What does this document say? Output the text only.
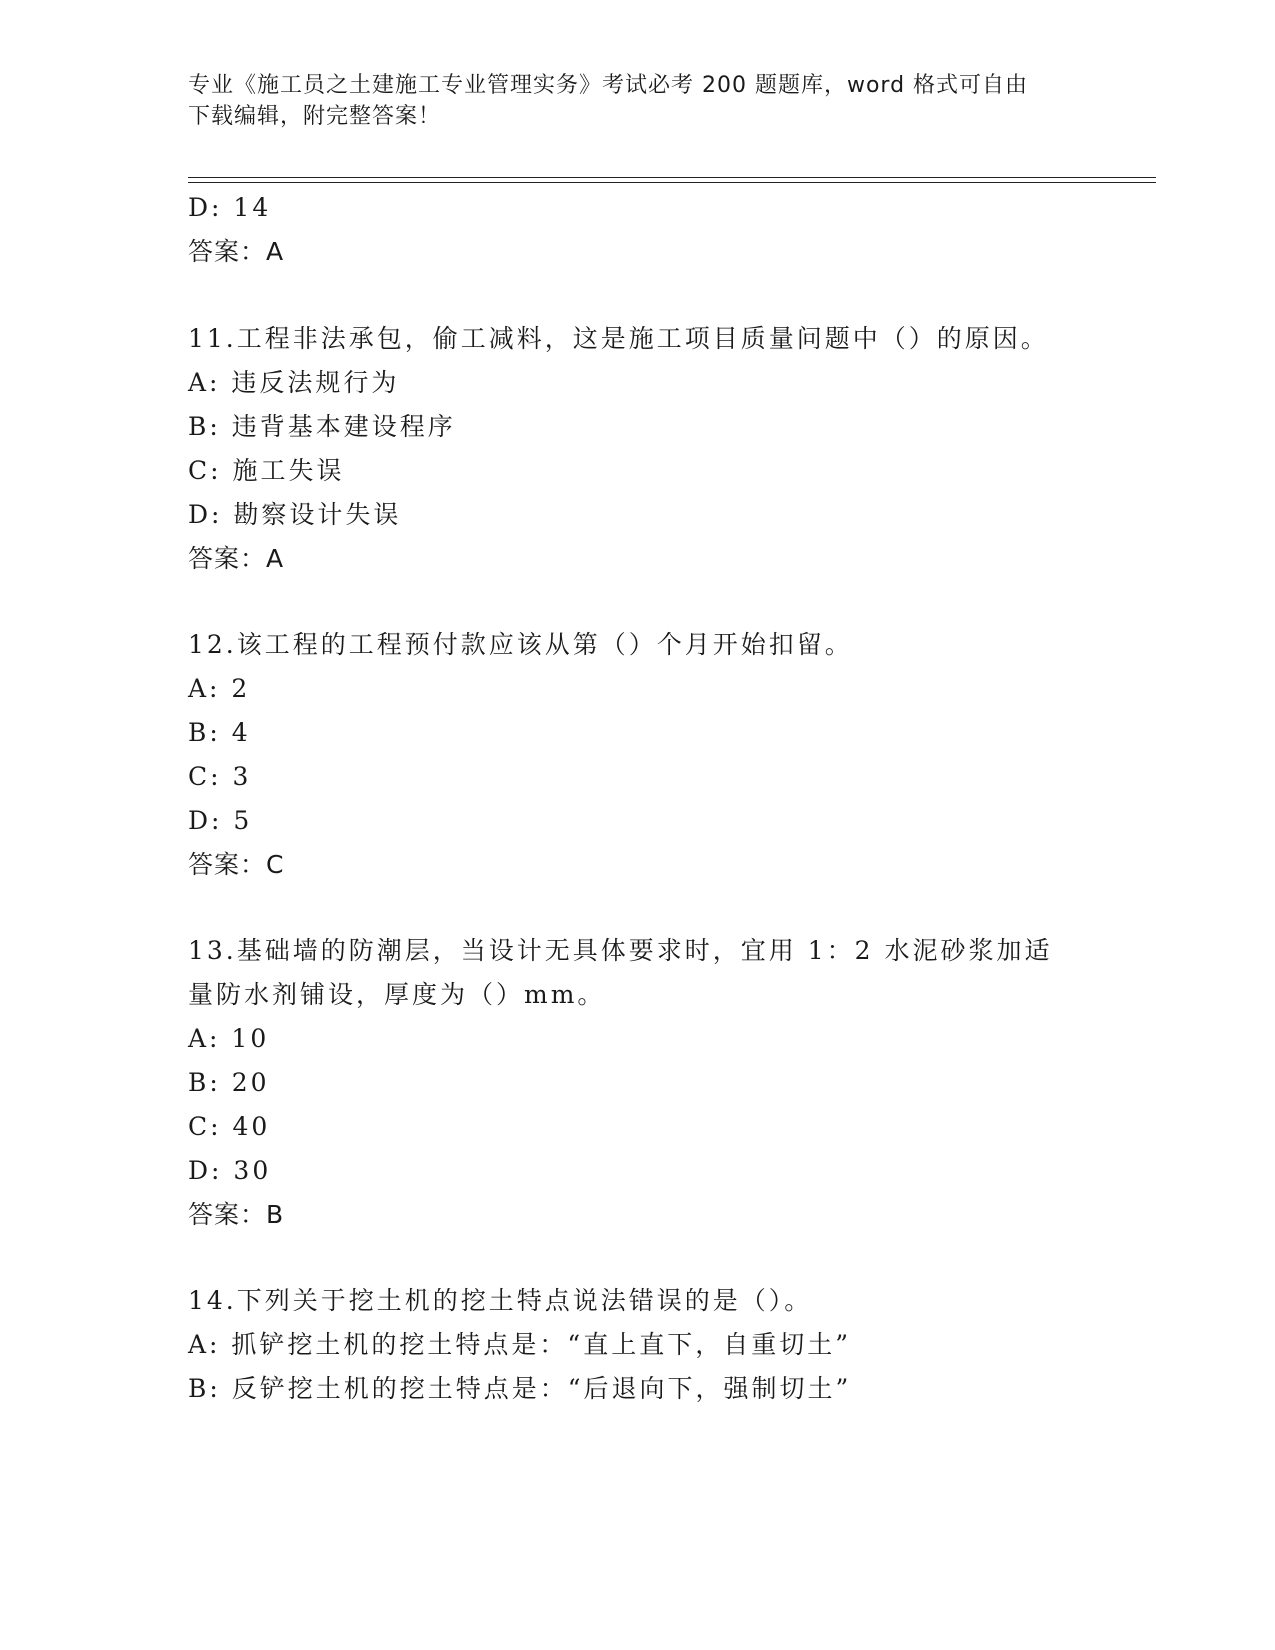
专业《施工员之土建施工专业管理实务》考试必考 200 题题库，word 格式可自由
下载编辑，附完整答案！
D: 14
答案：A
11.工程非法承包，偷工减料，这是施工项目质量问题中（）的原因。
A: 违反法规行为
B: 违背基本建设程序
C: 施工失误
D: 勘察设计失误
答案：A
12.该工程的工程预付款应该从第（）个月开始扣留。
A: 2
B: 4
C: 3
D: 5
答案：C
13.基础墙的防潮层，当设计无具体要求时，宜用 1：2 水泥砂浆加适
量防水剂铺设，厚度为（）mm。
A: 10
B: 20
C: 40
D: 30
答案：B
14.下列关于挖土机的挖土特点说法错误的是（）。
A: 抓铲挖土机的挖土特点是：“直上直下，自重切土”
B: 反铲挖土机的挖土特点是：“后退向下，强制切土”
